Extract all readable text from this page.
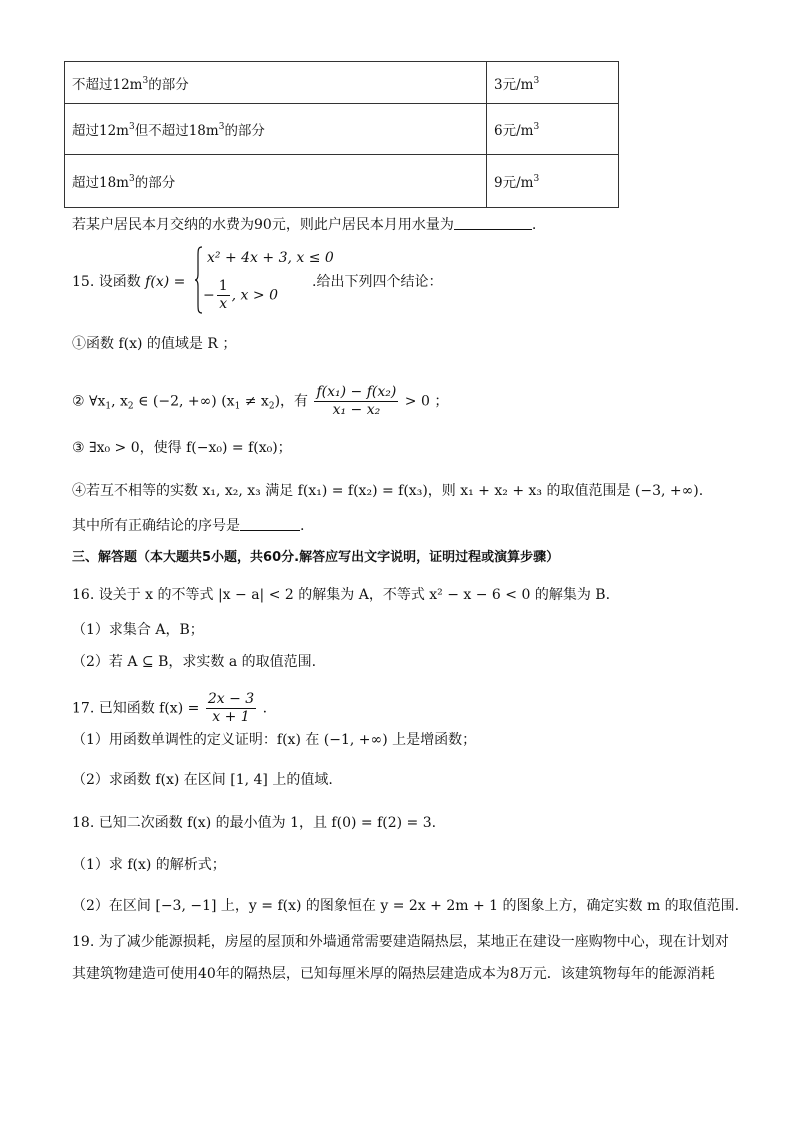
不超过$12m^3$的部分	3元$/m^3$
超过$12m^3$但不超过$18m^3$的部分	6元$/m^3$
超过$18m^3$的部分	9元$/m^3$
若某户居民本月交纳的水费为90元，则此户居民本月用水量为	.
15. 设函数 f(x) =
x² + 4x + 3, x ≤ 0
− $\frac{1}{x}$ , x > 0
.给出下列四个结论：
①函数 f(x) 的值域是 R ；
② $\forall x_1$, $x_2$ ∈ (−2, +∞) $(x_1 \ne x_2)$，有 $\frac{\text{f(x₁) − f(x₂)}}{\text{x₁ − x₂}} > 0$ ；
③ ∃x₀ > 0，使得 f(−x₀) = f(x₀)；
④若互不相等的实数 x₁, x₂, x₃ 满足 f(x₁) = f(x₂) = f(x₃)，则 x₁ + x₂ + x₃ 的取值范围是 (−3, +∞).
其中所有正确结论的序号是	.
三、解答题（本大题共5小题，共60分.解答应写出文字说明，证明过程或演算步骤）
16. 设关于 x 的不等式 |x − a| < 2 的解集为 A，不等式 x² − x − 6 < 0 的解集为 B.
（1）求集合 A，B；
（2）若 A ⊆ B，求实数 a 的取值范围.
17. 已知函数 $f(x) = \frac{2x - 3}{x + 1}$ .
（1）用函数单调性的定义证明：f(x) 在 (−1, +∞) 上是增函数；
（2）求函数 f(x) 在区间 [1, 4] 上的值域.
18. 已知二次函数 f(x) 的最小值为 1，且 f(0) = f(2) = 3.
（1）求 f(x) 的解析式；
（2）在区间 [−3, −1] 上，y = f(x) 的图象恒在 y = 2x + 2m + 1 的图象上方，确定实数 m 的取值范围.
19. 为了减少能源损耗，房屋的屋顶和外墙通常需要建造隔热层，某地正在建设一座购物中心，现在计划对
其建筑物建造可使用40年的隔热层，已知每厘米厚的隔热层建造成本为8万元．该建筑物每年的能源消耗
